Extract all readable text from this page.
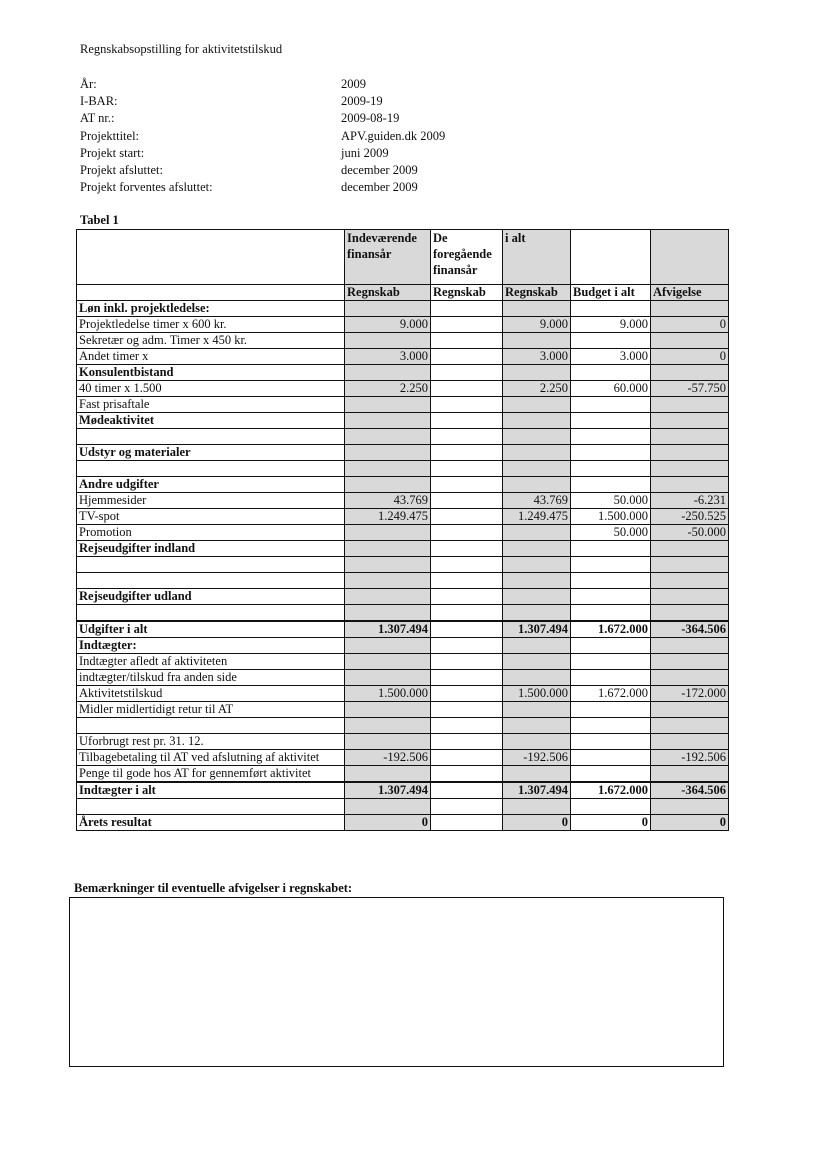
Regnskabsopstilling for aktivitetstilskud
År:	2009
I-BAR:	2009-19
AT nr.:	2009-08-19
Projekttitel:	APV.guiden.dk 2009
Projekt start:	juni 2009
Projekt afsluttet:	december 2009
Projekt forventes afsluttet:	december 2009
Tabel 1
	Indeværende finansår	De foregående finansår	i alt		
	Regnskab	Regnskab	Regnskab	Budget i alt	Afvigelse
Løn inkl. projektledelse:					
Projektledelse timer x 600 kr.	9.000		9.000	9.000	0
Sekretær og adm. Timer x 450 kr.					
Andet timer x	3.000		3.000	3.000	0
Konsulentbistand					
40 timer x 1.500	2.250		2.250	60.000	-57.750
Fast prisaftale					
Mødeaktivitet					

Udstyr og materialer					

Andre udgifter					
Hjemmesider	43.769		43.769	50.000	-6.231
TV-spot	1.249.475		1.249.475	1.500.000	-250.525
Promotion				50.000	-50.000
Rejseudgifter indland					

Rejseudgifter udland					

Udgifter i alt	1.307.494		1.307.494	1.672.000	-364.506
Indtægter:					
Indtægter afledt af aktiviteten					
indtægter/tilskud fra anden side					
Aktivitetstilskud	1.500.000		1.500.000	1.672.000	-172.000
Midler midlertidigt retur til AT					

Uforbrugt rest pr. 31. 12.					
Tilbagebetaling til AT ved afslutning af aktivitet	-192.506		-192.506		-192.506
Penge til gode hos AT for gennemført aktivitet					
Indtægter i alt	1.307.494		1.307.494	1.672.000	-364.506

Årets resultat	0		0	0	0
Bemærkninger til eventuelle afvigelser i regnskabet:
